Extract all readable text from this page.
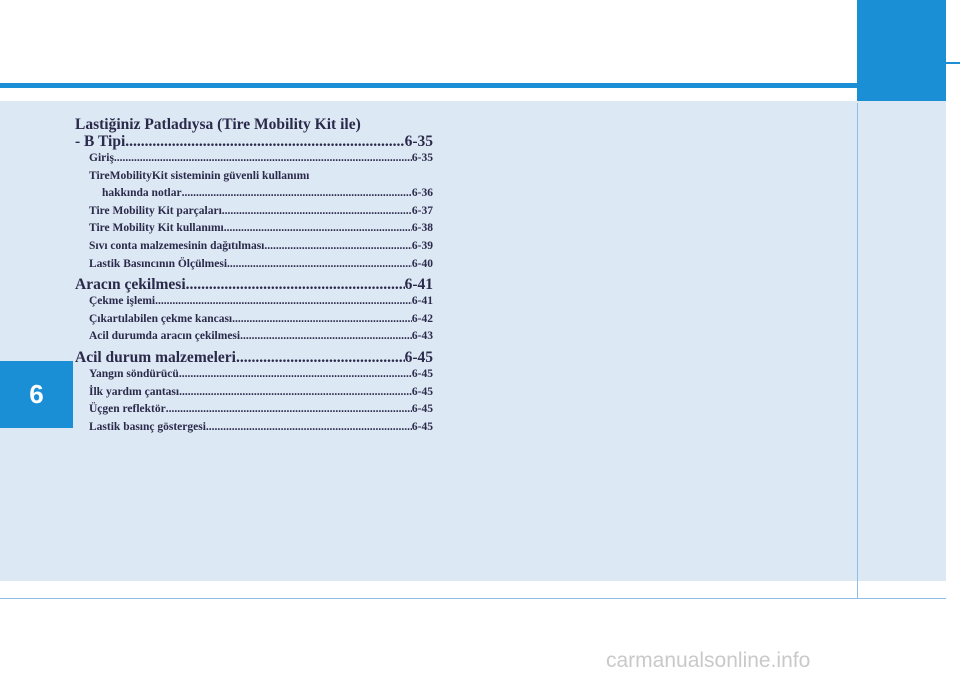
6
Lastiğiniz Patladıysa (Tire Mobility Kit ile)
- B Tipi .....	6-35
Giriş .....	6-35
TireMobilityKit sisteminin güvenli kullanımı
hakkında notlar .....	6-36
Tire Mobility Kit parçaları .....	6-37
Tire Mobility Kit kullanımı .....	6-38
Sıvı conta malzemesinin dağıtılması .....	6-39
Lastik Basıncının Ölçülmesi .....	6-40
Aracın çekilmesi .....	6-41
Çekme işlemi .....	6-41
Çıkartılabilen çekme kancası .....	6-42
Acil durumda aracın çekilmesi .....	6-43
Acil durum malzemeleri .....	6-45
Yangın söndürücü .....	6-45
İlk yardım çantası .....	6-45
Üçgen reflektör .....	6-45
Lastik basınç göstergesi .....	6-45
carmanualsonline.info
